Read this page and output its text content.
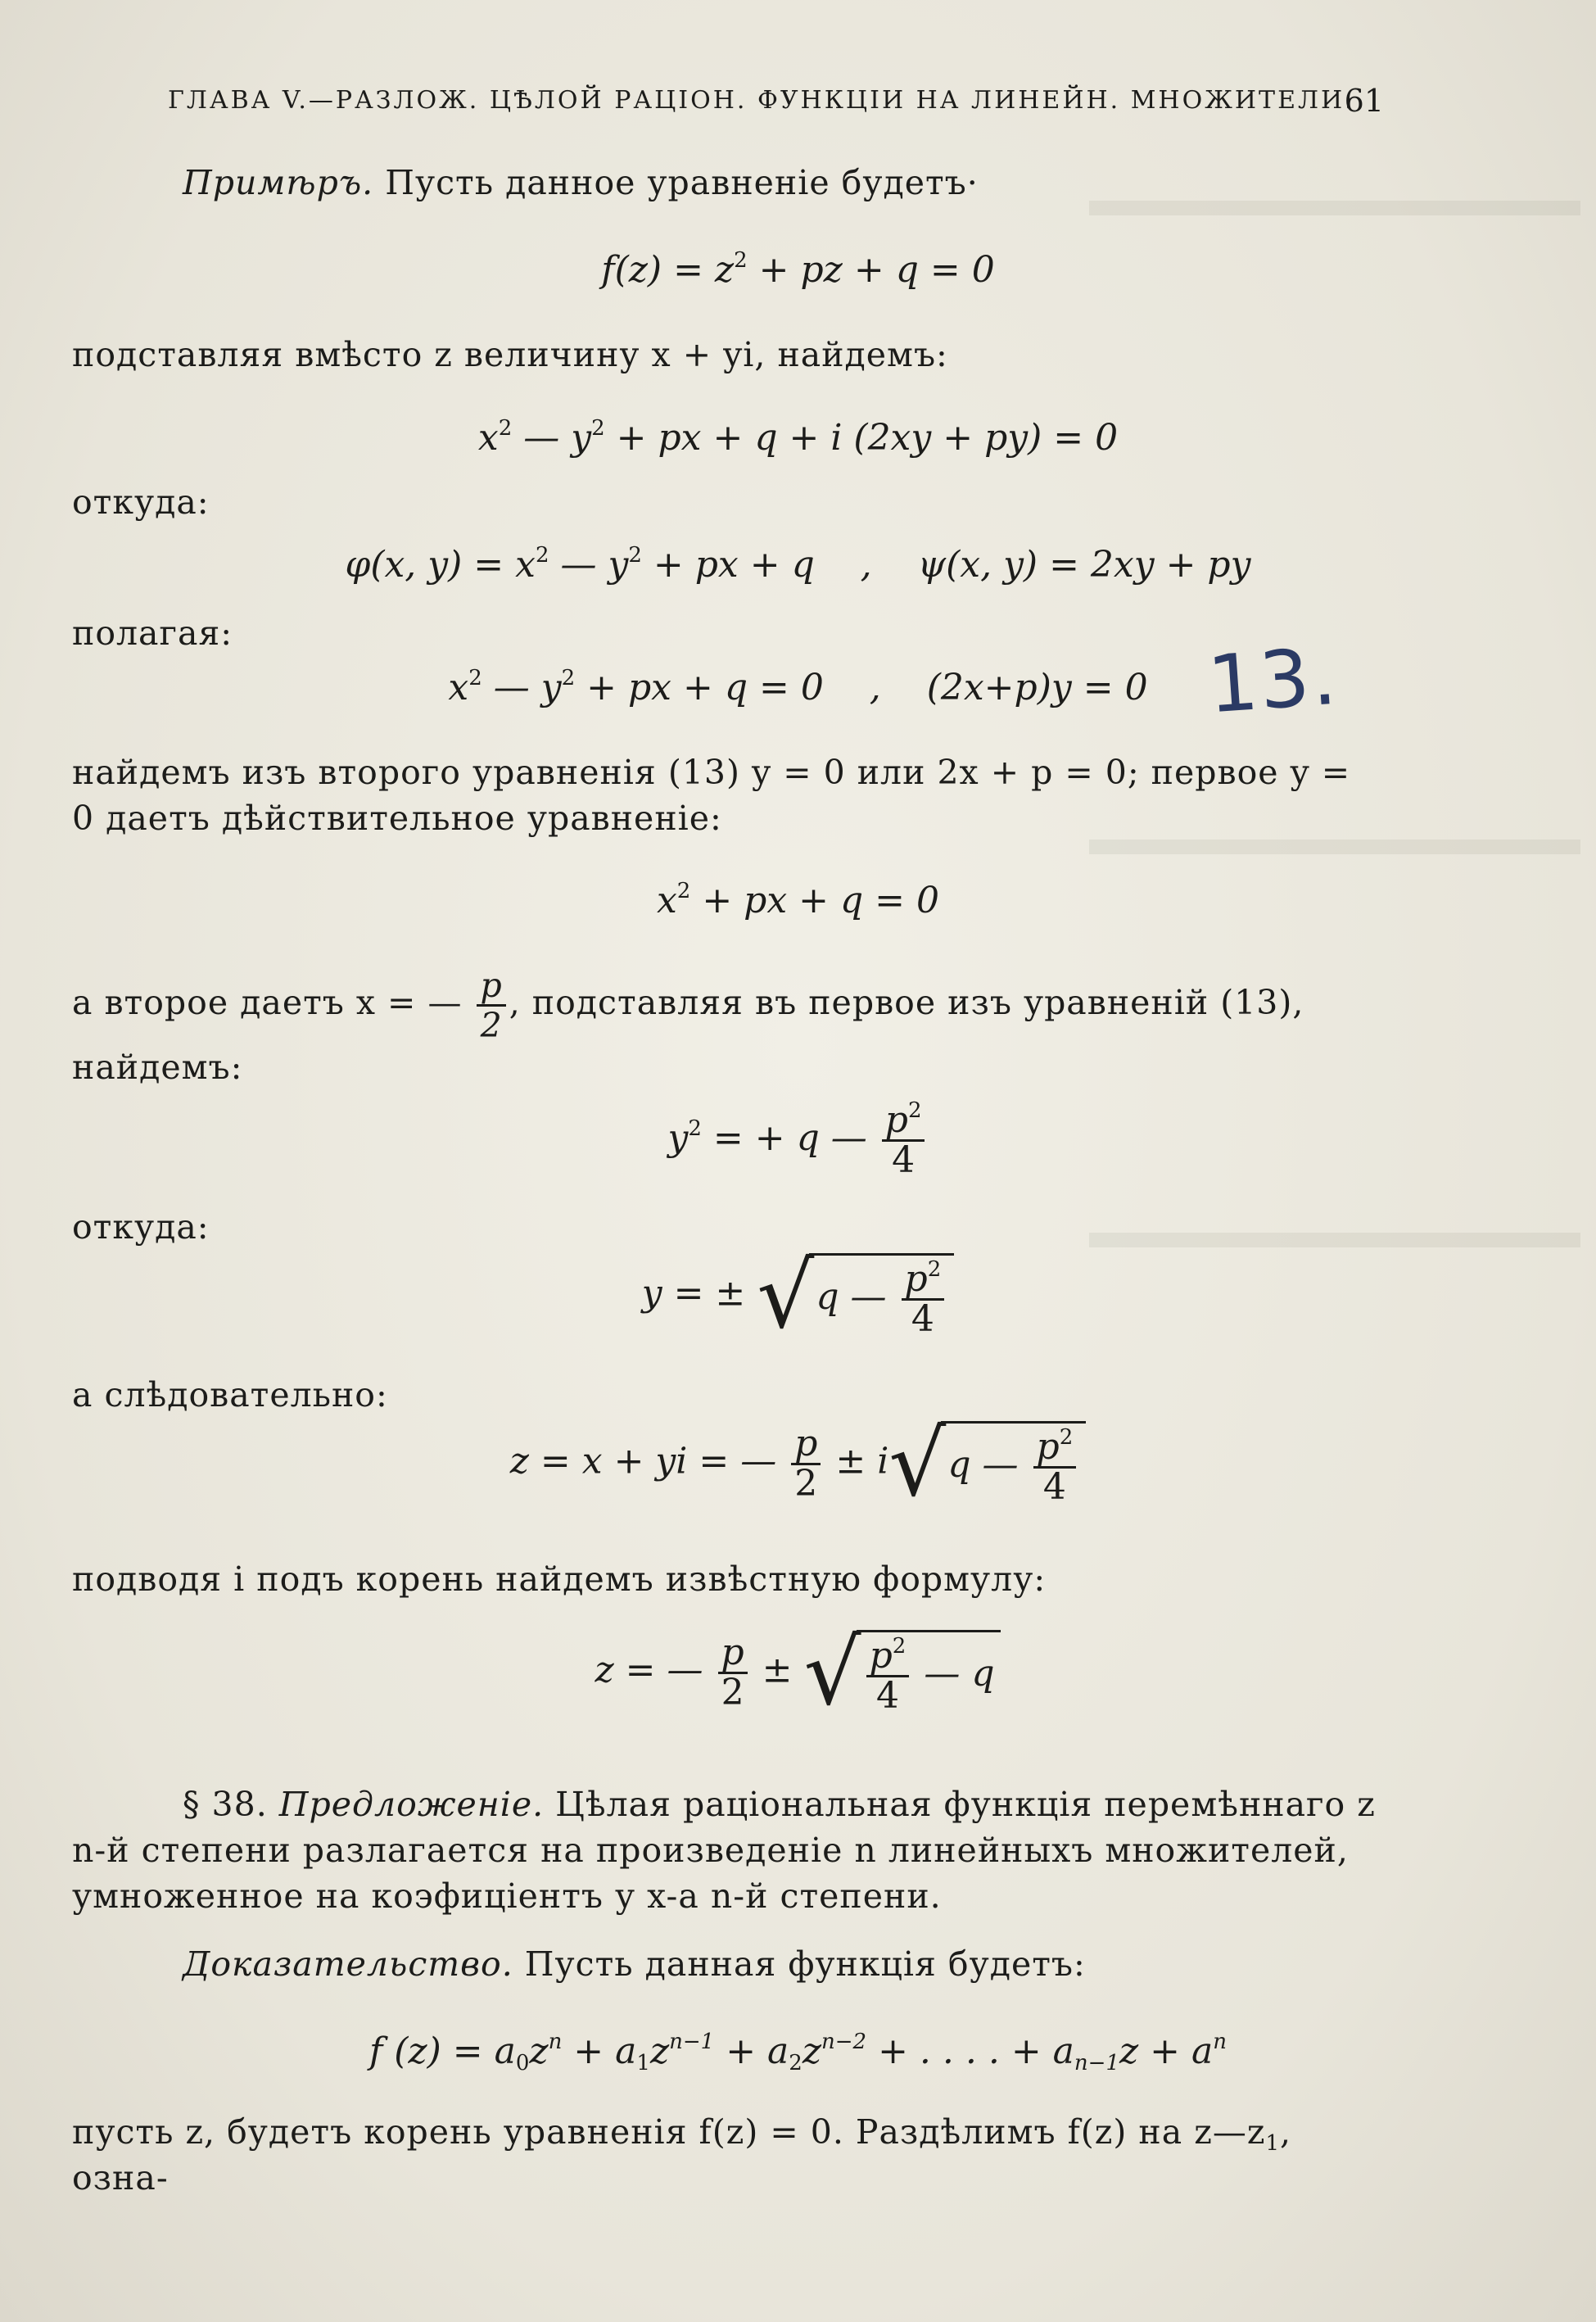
ГЛАВА V.—РАЗЛОЖ. ЦѢЛОЙ РАЦІОН. ФУНКЦІИ НА ЛИНЕЙН. МНОЖИТЕЛИ.
61

Примѣръ. Пусть данное уравненіе будетъ·

$f(z) = z^2$ + pz + q = 0
подставляя вмѣсто z величину x + yi, найдемъ:
$x^2$ — $y^2$ + px + q + i (2xy + py) = 0
откуда:
φ(x, $y) = x^2$ — $y^2$ + px + q    ,    ψ(x, y) = 2xy + py
полагая:
$x^2$ — $y^2$ + px + q = 0    ,    (2x+p)y = 0 13.
найдемъ изъ второго уравненія (13) y = 0 или 2x + p = 0; первое y = 0 даетъ дѣйствительное уравненіе:
$x^2$ + px + q = 0
а второе даетъ x = — $\frac{p}{2}$ , подставляя въ первое изъ уравненій (13), найдемъ:
$y^2$ = + q — $\frac{p^2}{4}$
откуда:
y = ± √q — $\frac{p^2}{4}$
а слѣдовательно:
z = x + yi = — $\frac{p}{2} \pm i√q$ — $\frac{p^2}{4}$
подводя i подъ корень найдемъ извѣстную формулу:
z = — $\frac{p}{2}$ ± √ $\frac{p^2}{4}$ — q

§ 38. Предложеніе. Цѣлая раціональная функція перемѣннаго z n-й степени разлагается на произведеніе n линейныхъ множителей, умноженное на коэфиціентъ у x-а n-й степени.

Доказательство. Пусть данная функція будетъ:

f $(z) = a_0z^n + a_1z^{n-1} + a_2z^{n-2}$ + . . . . + $a_{n-1}z + a^n$
пусть z, будетъ корень уравненія f(z) = 0. Раздѣлимъ f(z) на $z—z_1$, озна-
